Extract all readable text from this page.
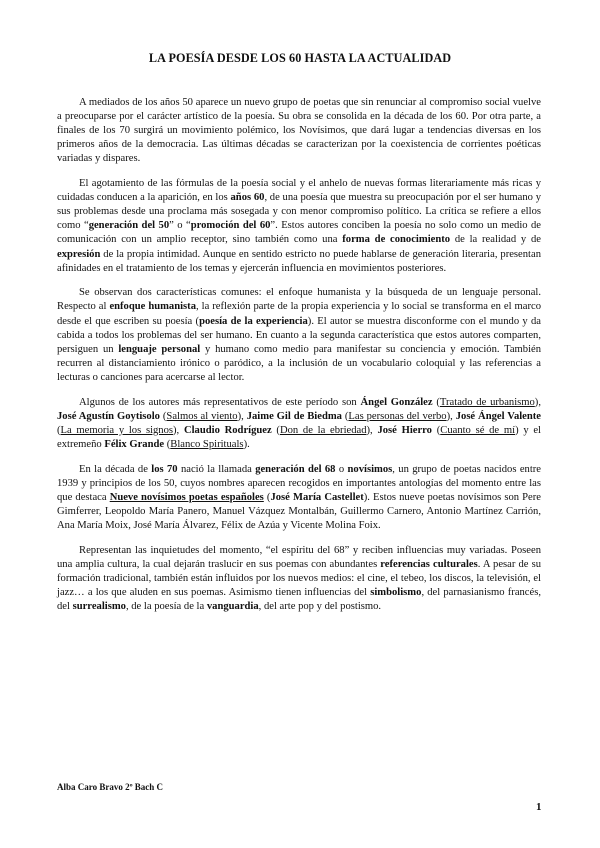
LA POESÍA DESDE LOS 60 HASTA LA ACTUALIDAD

A mediados de los años 50 aparece un nuevo grupo de poetas que sin renunciar al compromiso social vuelve a preocuparse por el carácter artístico de la poesía. Su obra se consolida en la década de los 60. Por otra parte, a finales de los 70 surgirá un movimiento polémico, los Novísimos, que dará lugar a tendencias diversas en los primeros años de la democracia. Las últimas décadas se caracterizan por la coexistencia de corrientes poéticas variadas y dispares.

El agotamiento de las fórmulas de la poesía social y el anhelo de nuevas formas literariamente más ricas y cuidadas conducen a la aparición, en los años 60, de una poesía que muestra su preocupación por el ser humano y sus problemas desde una proclama más sosegada y con menor compromiso político. La crítica se refiere a ellos como “generación del 50” o “promoción del 60”. Estos autores conciben la poesía no solo como un medio de comunicación con un amplio receptor, sino también como una forma de conocimiento de la realidad y de expresión de la propia intimidad. Aunque en sentido estricto no puede hablarse de generación literaria, presentan afinidades en el tratamiento de los temas y ejercerán influencia en movimientos posteriores.

Se observan dos características comunes: el enfoque humanista y la búsqueda de un lenguaje personal. Respecto al enfoque humanista, la reflexión parte de la propia experiencia y lo social se transforma en el marco desde el que escriben su poesía (poesía de la experiencia). El autor se muestra disconforme con el mundo y da cabida a todos los problemas del ser humano. En cuanto a la segunda característica que estos autores comparten, persiguen un lenguaje personal y humano como medio para manifestar su conciencia y emoción. También recurren al distanciamiento irónico o paródico, a la inclusión de un vocabulario coloquial y las referencias a lecturas o canciones para acercarse al lector.

Algunos de los autores más representativos de este período son Ángel González (Tratado de urbanismo), José Agustín Goytisolo (Salmos al viento), Jaime Gil de Biedma (Las personas del verbo), José Ángel Valente (La memoria y los signos), Claudio Rodríguez (Don de la ebriedad), José Hierro (Cuanto sé de mí) y el extremeño Félix Grande (Blanco Spirituals).

En la década de los 70 nació la llamada generación del 68 o novísimos, un grupo de poetas nacidos entre 1939 y principios de los 50, cuyos nombres aparecen recogidos en importantes antologías del momento entre las que destaca Nueve novísimos poetas españoles (José María Castellet). Estos nueve poetas novísimos son Pere Gimferrer, Leopoldo María Panero, Manuel Vázquez Montalbán, Guillermo Carnero, Antonio Martínez Carrión, Ana María Moix, José María Álvarez, Félix de Azúa y Vicente Molina Foix.

Representan las inquietudes del momento, “el espíritu del 68” y reciben influencias muy variadas. Poseen una amplia cultura, la cual dejarán traslucir en sus poemas con abundantes referencias culturales. A pesar de su formación tradicional, también están influidos por los nuevos medios: el cine, el tebeo, los discos, la televisión, el jazz… a los que aluden en sus poemas. Asimismo tienen influencias del simbolismo, del parnasianismo francés, del surrealismo, de la poesía de la vanguardia, del arte pop y del postismo.

Alba Caro Bravo 2º Bach C
1
